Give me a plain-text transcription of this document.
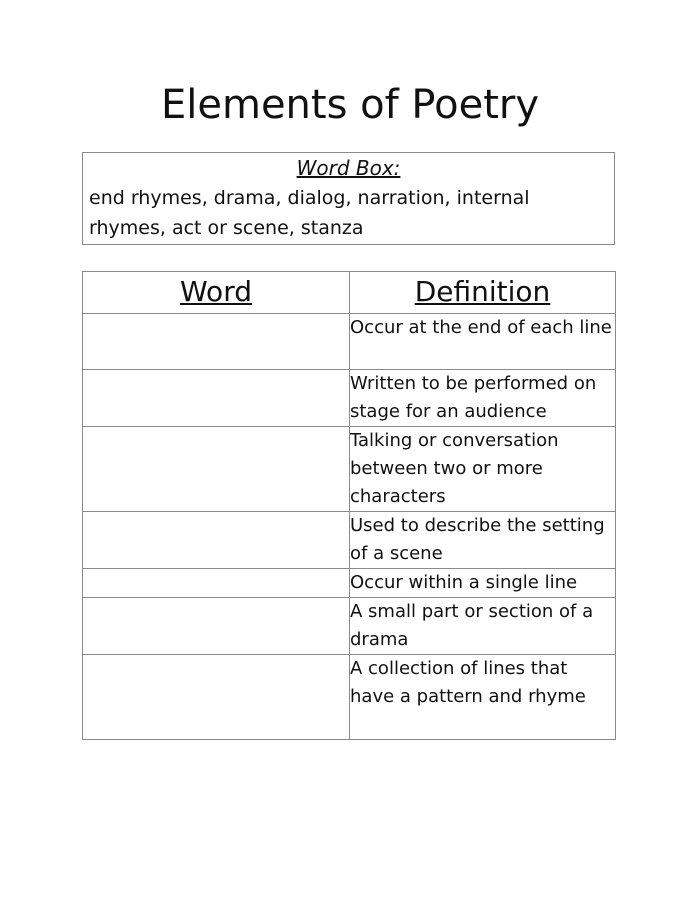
Elements of Poetry
Word Box:
end rhymes, drama, dialog, narration, internal rhymes, act or scene, stanza
Word	Definition
	Occur at the end of each line
	Written to be performed on stage for an audience
	Talking or conversation between two or more characters
	Used to describe the setting of a scene
	Occur within a single line
	A small part or section of a drama
	A collection of lines that have a pattern and rhyme
